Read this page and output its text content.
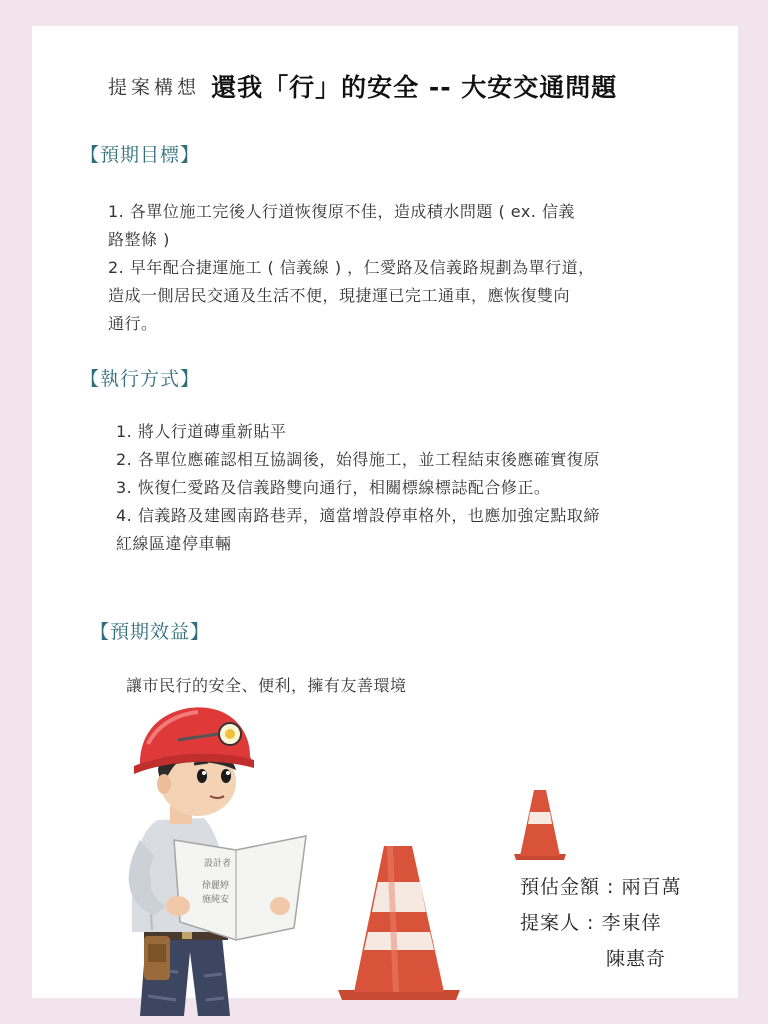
提案構想 還我「行」的安全 -- 大安交通問題
【預期目標】
1. 各單位施工完後人行道恢復原不佳，造成積水問題 ( ex. 信義
路整條 )
2. 早年配合捷運施工 ( 信義線 ) ，仁愛路及信義路規劃為單行道，
造成一側居民交通及生活不便，現捷運已完工通車，應恢復雙向
通行。
【執行方式】
1. 將人行道磚重新貼平
2. 各單位應確認相互協調後，始得施工，並工程結束後應確實復原
3. 恢復仁愛路及信義路雙向通行，相關標線標誌配合修正。
4. 信義路及建國南路巷弄，適當增設停車格外，也應加強定點取締
紅線區違停車輛
【預期效益】
讓市民行的安全、便利，擁有友善環境
設計者
徐麗婷
施純安
預估金額 : 兩百萬
提案人 : 李東倖
陳惠奇
